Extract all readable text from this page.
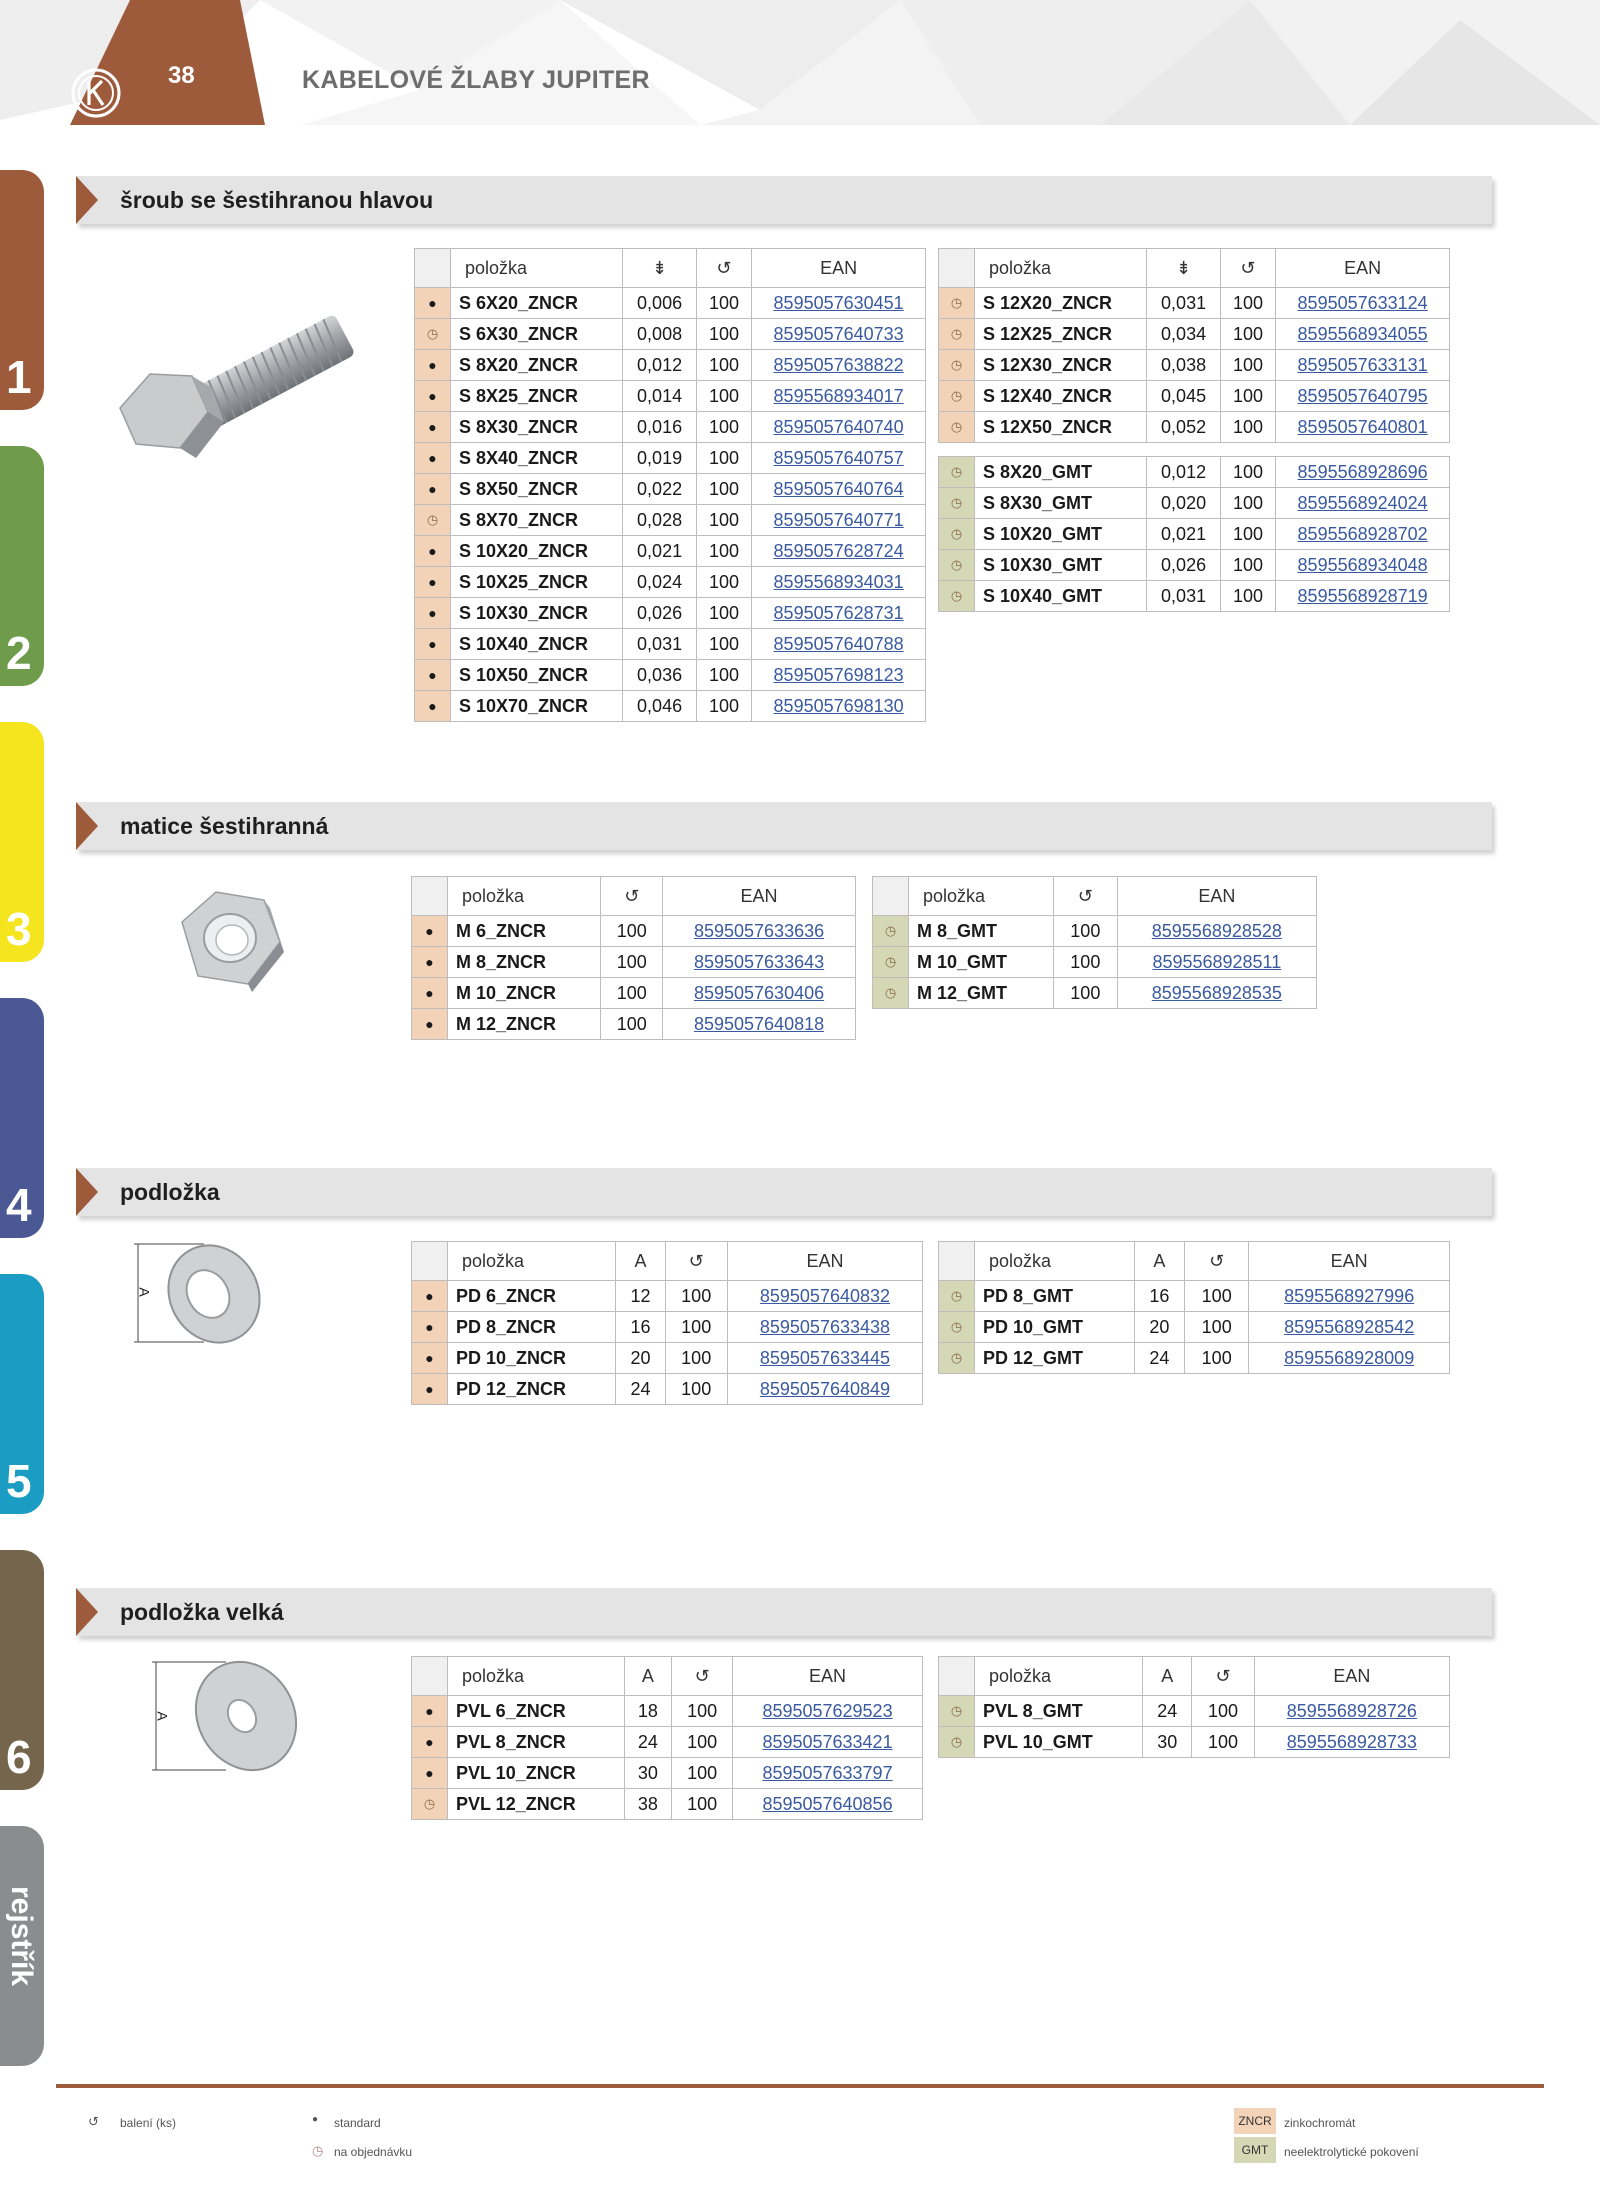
38	KABELOVÉ ŽLABY JUPITER
1
2
3
4
5
6
rejstřík
šroub se šestihranou hlavou
	položka	⇟	↺	EAN
●	S 6X20_ZNCR	0,006	100	8595057630451
◷	S 6X30_ZNCR	0,008	100	8595057640733
●	S 8X20_ZNCR	0,012	100	8595057638822
●	S 8X25_ZNCR	0,014	100	8595568934017
●	S 8X30_ZNCR	0,016	100	8595057640740
●	S 8X40_ZNCR	0,019	100	8595057640757
●	S 8X50_ZNCR	0,022	100	8595057640764
◷	S 8X70_ZNCR	0,028	100	8595057640771
●	S 10X20_ZNCR	0,021	100	8595057628724
●	S 10X25_ZNCR	0,024	100	8595568934031
●	S 10X30_ZNCR	0,026	100	8595057628731
●	S 10X40_ZNCR	0,031	100	8595057640788
●	S 10X50_ZNCR	0,036	100	8595057698123
●	S 10X70_ZNCR	0,046	100	8595057698130
	položka	⇟	↺	EAN
◷	S 12X20_ZNCR	0,031	100	8595057633124
◷	S 12X25_ZNCR	0,034	100	8595568934055
◷	S 12X30_ZNCR	0,038	100	8595057633131
◷	S 12X40_ZNCR	0,045	100	8595057640795
◷	S 12X50_ZNCR	0,052	100	8595057640801

◷	S 8X20_GMT	0,012	100	8595568928696
◷	S 8X30_GMT	0,020	100	8595568924024
◷	S 10X20_GMT	0,021	100	8595568928702
◷	S 10X30_GMT	0,026	100	8595568934048
◷	S 10X40_GMT	0,031	100	8595568928719
matice šestihranná
	položka	↺	EAN
●	M 6_ZNCR	100	8595057633636
●	M 8_ZNCR	100	8595057633643
●	M 10_ZNCR	100	8595057630406
●	M 12_ZNCR	100	8595057640818
	položka	↺	EAN
◷	M 8_GMT	100	8595568928528
◷	M 10_GMT	100	8595568928511
◷	M 12_GMT	100	8595568928535
podložka
A
	položka	A	↺	EAN
●	PD 6_ZNCR	12	100	8595057640832
●	PD 8_ZNCR	16	100	8595057633438
●	PD 10_ZNCR	20	100	8595057633445
●	PD 12_ZNCR	24	100	8595057640849
	položka	A	↺	EAN
◷	PD 8_GMT	16	100	8595568927996
◷	PD 10_GMT	20	100	8595568928542
◷	PD 12_GMT	24	100	8595568928009
podložka velká
A
	položka	A	↺	EAN
●	PVL 6_ZNCR	18	100	8595057629523
●	PVL 8_ZNCR	24	100	8595057633421
●	PVL 10_ZNCR	30	100	8595057633797
◷	PVL 12_ZNCR	38	100	8595057640856
	položka	A	↺	EAN
◷	PVL 8_GMT	24	100	8595568928726
◷	PVL 10_GMT	30	100	8595568928733
↺ balení (ks)	● standard
◷ na objednávku
ZNCR	zinkochromát
GMT	neelektrolytické pokovení
